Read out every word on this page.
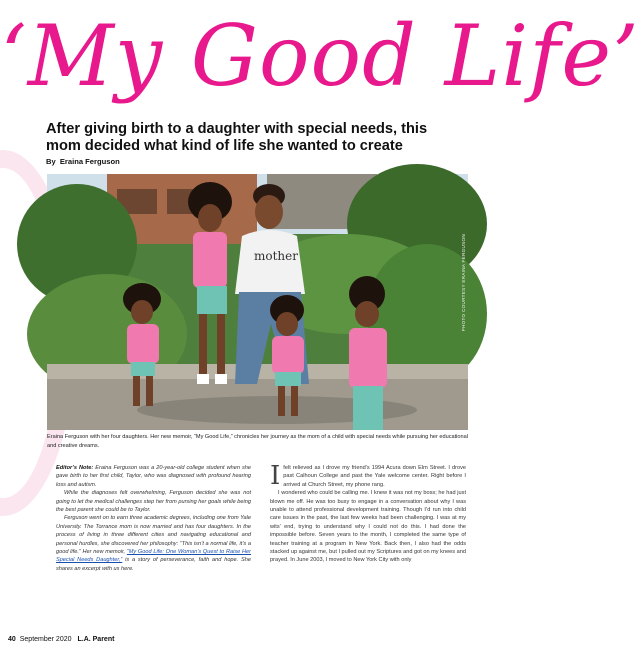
‘My Good Life’
After giving birth to a daughter with special needs, this mom decided what kind of life she wanted to create
By Eraina Ferguson
mother	PHOTO COURTESY ERAINA FERGUSON
Eraina Ferguson with her four daughters. Her new memoir, “My Good Life,” chronicles her journey as the mom of a child with special needs while pursuing her educational and creative dreams.

Editor’s Note: Eraina Ferguson was a 20-year-old college student when she gave birth to her first child, Taylor, who was diagnosed with profound hearing loss and autism.

While the diagnoses felt overwhelming, Ferguson decided she was not going to let the medical challenges step her from pursing her goals while being the best parent she could be to Taylor.

Ferguson went on to earn three academic degrees, including one from Yale University. The Torrance mom is now married and has four daughters. In the process of living in three different cities and navigating educational and personal hurdles, she discovered her philosophy: “This isn’t a normal life, it’s a good life.” Her new memoir, “My Good Life: One Woman’s Quest to Raise Her Special Needs Daughter,” is a story of perseverance, faith and hope. She shares an excerpt with us here.

Ifelt relieved as I drove my friend’s 1994 Acura down Elm Street. I drove past Calhoun College and past the Yale welcome center. Right before I arrived at Church Street, my phone rang.

I wondered who could be calling me. I knew it was not my boss; he had just blown me off. He was too busy to engage in a conversation about why I was unable to attend professional development training. Though I’d run into child care issues in the past, the last few weeks had been challenging. I was at my wits’ end, trying to understand why I could not do this. I had done the impossible before. Seven years to the month, I completed the same type of teacher training at a program in New York. Back then, I also had the odds stacked up against me, but I pulled out my Scriptures and got on my knees and prayed. In June 2003, I moved to New York City with only

40 September 2020 L.A. Parent
